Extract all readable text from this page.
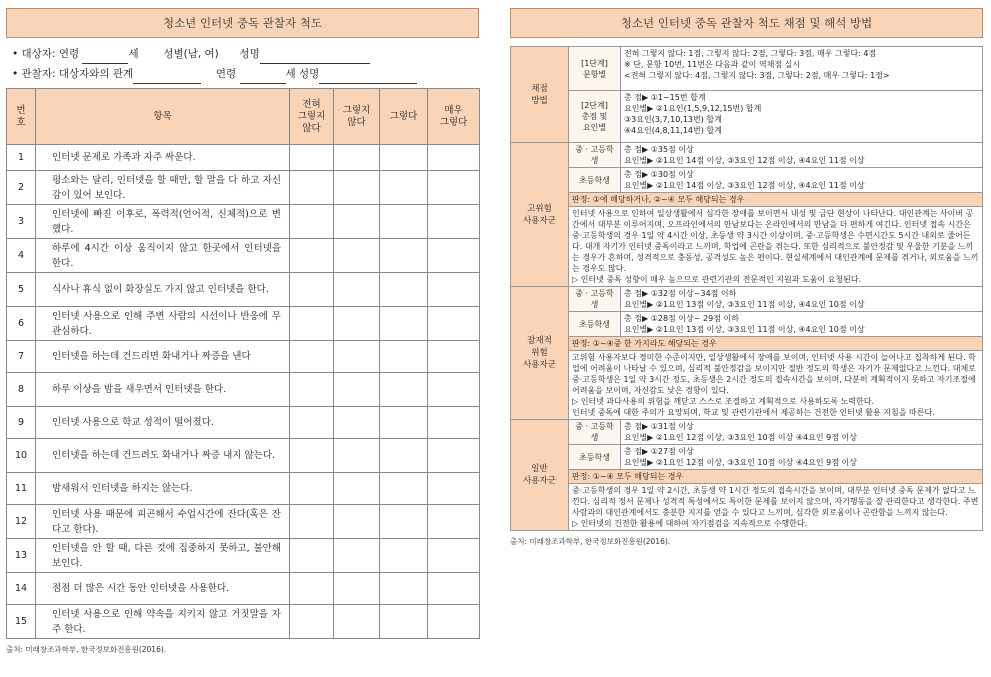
청소년 인터넷 중독 관찰자 척도
• 대상자: 연령	세 성별(남, 여) 성명
• 관찰자: 대상자와의 관계	연령	세 성명
번
호	항목	전혀
그렇지
않다	그렇지
않다	그렇다	매우
그렇다
1	인터넷 문제로 가족과 자주 싸운다.				
2	평소와는 달리, 인터넷을 할 때만, 할 말을 다 하고 자신감이 있어 보인다.				
3	인터넷에 빠진 이후로, 폭력적(언어적, 신체적)으로 변했다.				
4	하루에 4시간 이상 움직이지 않고 한곳에서 인터넷을 한다.				
5	식사나 휴식 없이 화장실도 가지 않고 인터넷을 한다.				
6	인터넷 사용으로 인해 주변 사람의 시선이나 반응에 무관심하다.				
7	인터넷을 하는데 건드리면 화내거나 짜증을 낸다				
8	하루 이상을 밤을 새우면서 인터넷을 한다.				
9	인터넷 사용으로 학교 성적이 떨어졌다.				
10	인터넷을 하는데 건드려도 화내거나 짜증 내지 않는다.				
11	밤새워서 인터넷을 하지는 않는다.				
12	인터넷 사용 때문에 피곤해서 수업시간에 잔다(혹은 잔다고 한다).				
13	인터넷을 안 할 때, 다른 것에 집중하지 못하고, 불안해 보인다.				
14	점점 더 많은 시간 동안 인터넷을 사용한다.				
15	인터넷 사용으로 인해 약속을 지키지 않고 거짓말을 자주 한다.				
출처: 미래창조과학부, 한국정보화진흥원(2016).
청소년 인터넷 중독 관찰자 척도 채점 및 해석 방법
채점
방법	[1단계]
문항별	전혀 그렇지 않다: 1점, 그렇지 않다: 2점, 그렇다: 3점, 매우 그렇다: 4점
※ 단, 문항 10번, 11번은 다음과 같이 역채점 실시
<전혀 그렇지 않다: 4점, 그렇지 않다: 3점, 그렇다: 2점, 매우 그렇다: 1점>
	[2단계]
총점 및
요인별	총 점▶ ①1~15번 합계
요인별▶ ②1요인(1,5,9,12,15번) 합계
③3요인(3,7,10,13번) 합계
④4요인(4,8,11,14번) 합계
고위험
사용자군	중 · 고등학생	총 점▶ ①35점 이상
요인별▶ ②1요인 14점 이상, ③3요인 12점 이상, ④4요인 11점 이상
	초등학생	총 점▶ ①30점 이상
요인별▶ ②1요인 14점 이상, ③3요인 12점 이상, ④4요인 11점 이상
	판정: ①에 해당하거나, ②~④ 모두 해당되는 경우	
	인터넷 사용으로 인하여 일상생활에서 심각한 장애를 보이면서 내성 및 금단 현상이 나타난다. 대인관계는 사이버 공간에서 대부분 이루어지며, 오프라인에서의 만남보다는 온라인에서의 만남을 더 편하게 여긴다. 인터넷 접속 시간은 중·고등학생의 경우 1일 약 4시간 이상, 초등생 약 3시간 이상이며, 중·고등학생은 수면시간도 5시간 내외로 줄어든다. 대개 자기가 인터넷 중독이라고 느끼며, 학업에 곤란을 겪는다. 또한 심리적으로 불안정감 및 우울한 기분을 느끼는 경우가 흔하며, 성격적으로 충동성, 공격성도 높은 편이다. 현실세계에서 대인관계에 문제를 겪거나, 외로움을 느끼는 경우도 많다.
▷ 인터넷 중독 성향이 매우 높으므로 관련기관의 전문적인 지원과 도움이 요청된다.	
잠재적
위험
사용자군	중 · 고등학생	총 점▶ ①32점 이상~34점 이하
요인별▶ ②1요인 13점 이상, ③3요인 11점 이상, ④4요인 10점 이상
	초등학생	총 점▶ ①28점 이상~ 29점 이하
요인별▶ ②1요인 13점 이상, ③3요인 11점 이상, ④4요인 10점 이상
	판정: ①~④중 한 가지라도 해당되는 경우	
	고위험 사용자보다 경미한 수준이지만, 일상생활에서 장애를 보이며, 인터넷 사용 시간이 늘어나고 집착하게 된다. 학업에 어려움이 나타날 수 있으며, 심리적 불안정감을 보이지만 절반 정도의 학생은 자기가 문제없다고 느낀다. 대체로 중·고등학생은 1일 약 3시간 정도, 초등생은 2시간 정도의 접속시간을 보이며, 다분히 계획적이지 못하고 자기조절에 어려움을 보이며, 자신감도 낮은 경향이 있다.
▷ 인터넷 과다사용의 위험을 깨닫고 스스로 조절하고 계획적으로 사용하도록 노력한다.
인터넷 중독에 대한 주의가 요망되며, 학교 및 관련기관에서 제공하는 건전한 인터넷 활용 지침을 따른다.	
일반
사용자군	중 · 고등학생	총 점▶ ①31점 이상
요인별▶ ②1요인 12점 이상, ③3요인 10점 이상 ④4요인 9점 이상
	초등학생	총 점▶ ①27점 이상
요인별▶ ②1요인 12점 이상, ③3요인 10점 이상 ④4요인 9점 이상
	판정: ①~④ 모두 해당되는 경우	
	중·고등학생의 경우 1일 약 2시간, 초등생 약 1시간 정도의 접속시간을 보이며, 대부분 인터넷 중독 문제가 없다고 느낀다. 심리적 정서 문제나 성격적 특성에서도 특이한 문제를 보이지 않으며, 자기행동을 잘 관리한다고 생각한다. 주변 사람과의 대인관계에서도 충분한 지지를 얻을 수 있다고 느끼며, 심각한 외로움이나 곤란함을 느끼지 않는다.
▷ 인터넷의 건전한 활용에 대하여 자기점검을 지속적으로 수행한다.	
출처: 미래창조과학부, 한국정보화진흥원(2016).
